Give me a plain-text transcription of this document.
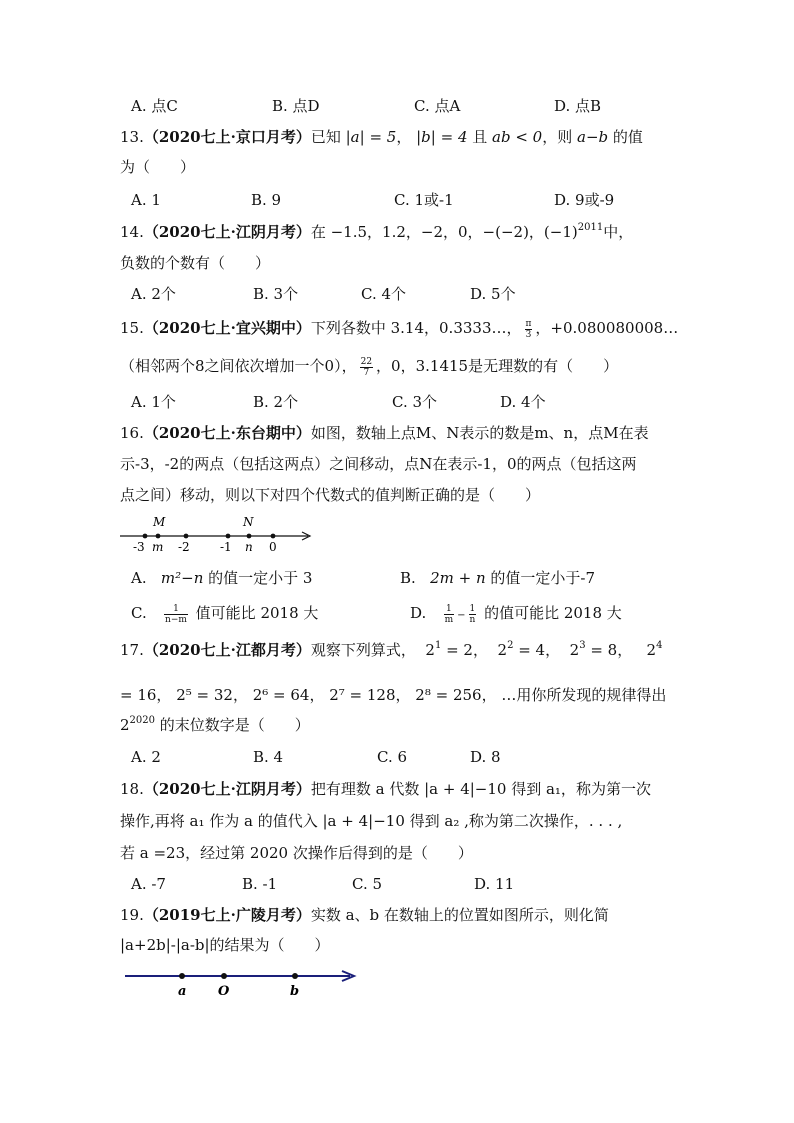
A. 点C	B. 点D	C. 点A	D. 点B
13.（2020七上·京口月考）已知 |a| = 5， |b| = 4 且 ab < 0，则 a−b 的值
为（　　）
A. 1	B. 9	C. 1或-1	D. 9或-9
14.（2020七上·江阴月考）在 −1.5，1.2，−2，0，−(−2)，$(-1)^{2011}$中，
负数的个数有（　　）
A. 2个	B. 3个	C. 4个	D. 5个
15.（2020七上·宜兴期中）下列各数中 3.14，0.3333…， $\frac{\pi}{3}$ ，+0.080080008…
（相邻两个8之间依次增加一个0）， $\frac{22}{7}$ ，0，3.1415是无理数的有（　　）
A. 1个	B. 2个	C. 3个	D. 4个
16.（2020七上·东台期中）如图，数轴上点M、N表示的数是m、n，点M在表
示-3，-2的两点（包括这两点）之间移动，点N在表示-1，0的两点（包括这两
点之间）移动，则以下对四个代数式的值判断正确的是（　　）
M	N
-3 m -2	-1 n 0
A. m²−n 的值一定小于 3	B. 2m + n 的值一定小于-7
C. $\frac{1}{n-m}$ 值可能比 2018 大	D. $\frac{1}{m} - \frac{1}{n}$ 的值可能比 2018 大
17.（2020七上·江都月考）观察下列算式， $2^1 = 2$， $2^2 = 4$， $2^3 = 8$， $2^4$
= 16， 2⁵ = 32， 2⁶ = 64， 2⁷ = 128， 2⁸ = 256， …用你所发现的规律得出
$2^{2020}$ 的末位数字是（　　）
A. 2	B. 4	C. 6	D. 8
18.（2020七上·江阴月考）把有理数 a 代数 |a + 4|−10 得到 a₁，称为第一次
操作,再将 a₁ 作为 a 的值代入 |a + 4|−10 得到 a₂ ,称为第二次操作，. . . ,
若 a =23，经过第 2020 次操作后得到的是（　　）
A. -7	B. -1	C. 5	D. 11
19.（2019七上·广陵月考）实数 a、b 在数轴上的位置如图所示，则化简
|a+2b|-|a-b|的结果为（　　）
a O	b
